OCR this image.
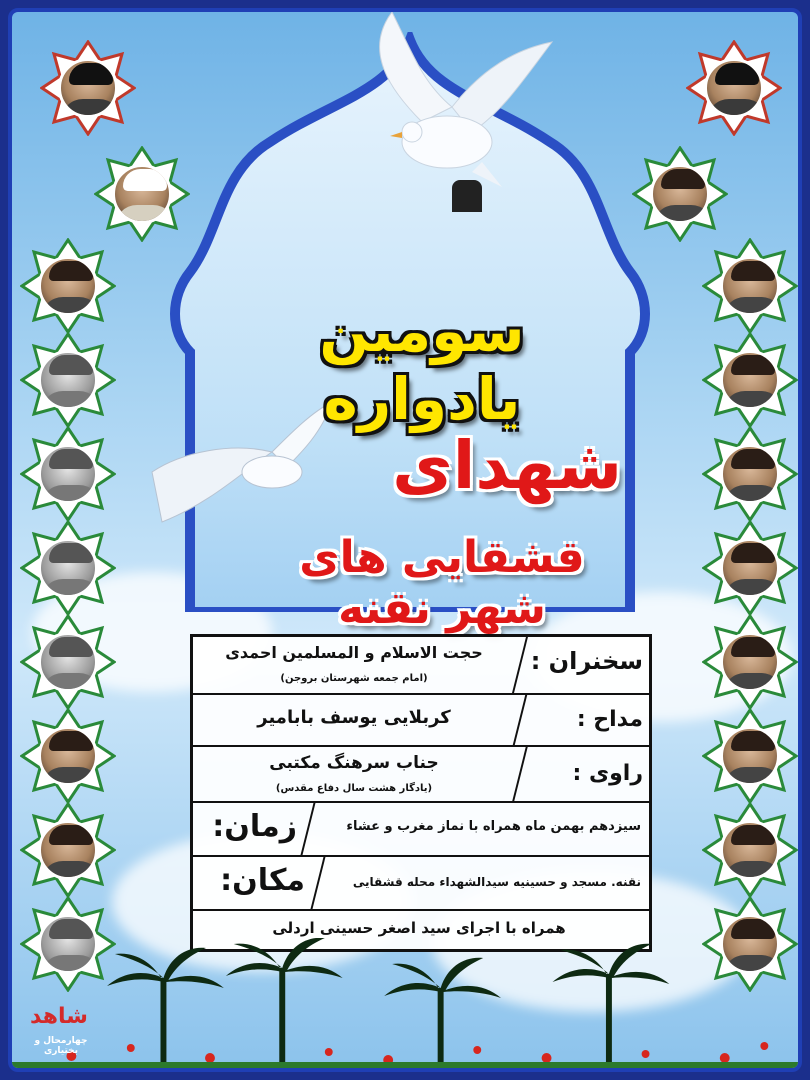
سومین یادواره
شهدای
قشقایی های شهر نقنه
سخنران :
حجت الاسلام و المسلمین احمدی
(امام جمعه شهرستان بروجن)
مداح :
کربلایی یوسف بابامیر
راوی :
جناب سرهنگ مکتبی
(یادگار هشت سال دفاع مقدس)
سیزدهم بهمن ماه همراه با نماز مغرب و عشاء
زمان:
نقنه. مسجد و حسینیه سیدالشهداء محله قشقایی
مکان:
همراه با اجرای سید اصغر حسینی اردلی
شاهد
چهارمحال و بختیاری
